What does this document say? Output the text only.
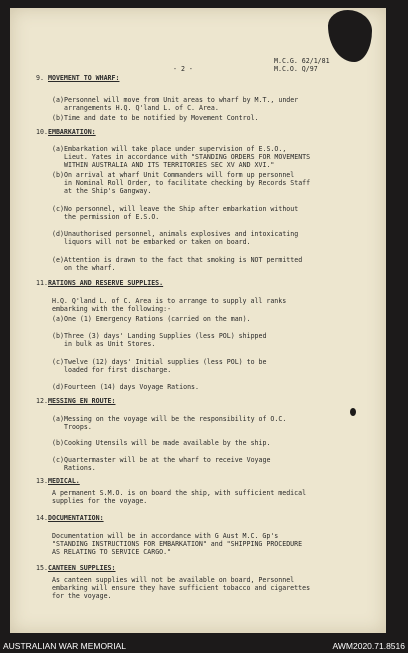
- 2 -
M.C.G. 62/1/81
M.C.O. Q/97
9. MOVEMENT TO WHARF:
(a) Personnel will move from Unit areas to wharf by M.T., under
arrangements H.Q. Q'land L. of C. Area.
(b) Time and date to be notified by Movement Control.
10. EMBARKATION:
(a) Embarkation will take place under supervision of E.S.O.,
Lieut. Yates in accordance with "STANDING ORDERS FOR MOVEMENTS
WITHIN AUSTRALIA AND ITS TERRITORIES SEC XV AND XVI."
(b) On arrival at wharf Unit Commanders will form up personnel
in Nominal Roll Order, to facilitate checking by Records Staff
at the Ship's Gangway.
(c) No personnel, will leave the Ship after embarkation without
the permission of E.S.O.
(d) Unauthorised personnel, animals explosives and intoxicating
liquors will not be embarked or taken on board.
(e) Attention is drawn to the fact that smoking is NOT permitted
on the wharf.
11. RATIONS AND RESERVE SUPPLIES.
H.Q. Q'land L. of C. Area is to arrange to supply all ranks
embarking with the following:-
(a) One (1) Emergency Rations (carried on the man).
(b) Three (3) days' Landing Supplies (less POL) shipped
in bulk as Unit Stores.
(c) Twelve (12) days' Initial supplies (less POL) to be
loaded for first discharge.
(d) Fourteen (14) days Voyage Rations.
12. MESSING EN ROUTE:
(a) Messing on the voyage will be the responsibility of O.C.
Troops.
(b) Cooking Utensils will be made available by the ship.
(c) Quartermaster will be at the wharf to receive Voyage
Rations.
13. MEDICAL.
A permanent S.M.O. is on board the ship, with sufficient medical
supplies for the voyage.
14. DOCUMENTATION:
Documentation will be in accordance with G Aust M.C. Gp's
"STANDING INSTRUCTIONS FOR EMBARKATION" and "SHIPPING PROCEDURE
AS RELATING TO SERVICE CARGO."
15. CANTEEN SUPPLIES:
As canteen supplies will not be available on board, Personnel
embarking will ensure they have sufficient tobacco and cigarettes
for the voyage.
AUSTRALIAN WAR MEMORIAL	AWM2020.71.8516
